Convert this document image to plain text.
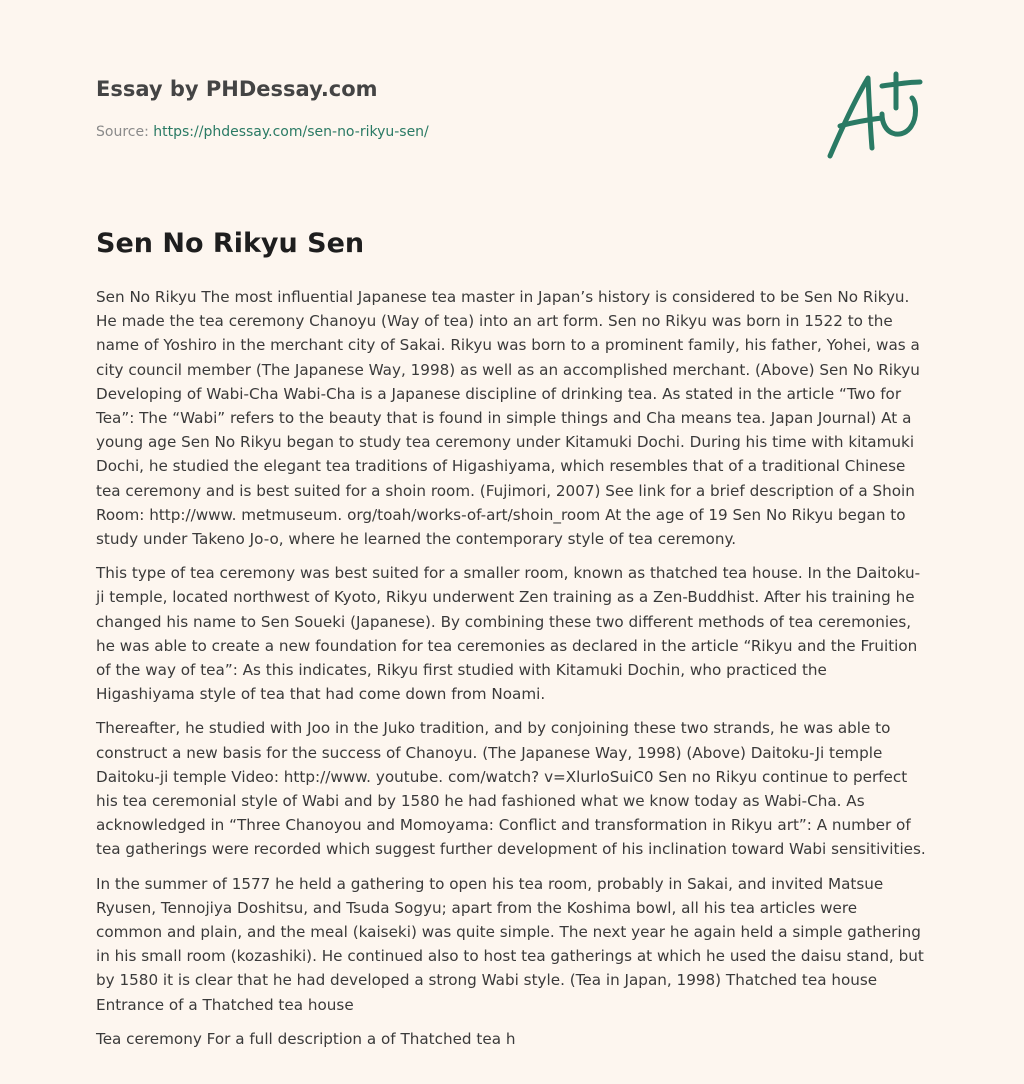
Essay by PHDessay.com
Source: https://phdessay.com/sen-no-rikyu-sen/
Sen No Rikyu Sen

Sen No Rikyu The most influential Japanese tea master in Japan’s history is considered to be Sen No Rikyu. He made the tea ceremony Chanoyu (Way of tea) into an art form. Sen no Rikyu was born in 1522 to the name of Yoshiro in the merchant city of Sakai. Rikyu was born to a prominent family, his father, Yohei, was a city council member (The Japanese Way, 1998) as well as an accomplished merchant. (Above) Sen No Rikyu Developing of Wabi-Cha Wabi-Cha is a Japanese discipline of drinking tea. As stated in the article “Two for Tea”: The “Wabi” refers to the beauty that is found in simple things and Cha means tea. Japan Journal) At a young age Sen No Rikyu began to study tea ceremony under Kitamuki Dochi. During his time with kitamuki Dochi, he studied the elegant tea traditions of Higashiyama, which resembles that of a traditional Chinese tea ceremony and is best suited for a shoin room. (Fujimori, 2007) See link for a brief description of a Shoin Room: http://www. metmuseum. org/toah/works-of-art/shoin_room At the age of 19 Sen No Rikyu began to study under Takeno Jo-o, where he learned the contemporary style of tea ceremony.

This type of tea ceremony was best suited for a smaller room, known as thatched tea house. In the Daitoku-ji temple, located northwest of Kyoto, Rikyu underwent Zen training as a Zen-Buddhist. After his training he changed his name to Sen Soueki (Japanese). By combining these two different methods of tea ceremonies, he was able to create a new foundation for tea ceremonies as declared in the article “Rikyu and the Fruition of the way of tea”: As this indicates, Rikyu first studied with Kitamuki Dochin, who practiced the Higashiyama style of tea that had come down from Noami.

Thereafter, he studied with Joo in the Juko tradition, and by conjoining these two strands, he was able to construct a new basis for the success of Chanoyu. (The Japanese Way, 1998) (Above) Daitoku-Ji temple Daitoku-ji temple Video: http://www. youtube. com/watch? v=XlurloSuiC0 Sen no Rikyu continue to perfect his tea ceremonial style of Wabi and by 1580 he had fashioned what we know today as Wabi-Cha. As acknowledged in “Three Chanoyou and Momoyama: Conflict and transformation in Rikyu art”: A number of tea gatherings were recorded which suggest further development of his inclination toward Wabi sensitivities.

In the summer of 1577 he held a gathering to open his tea room, probably in Sakai, and invited Matsue Ryusen, Tennojiya Doshitsu, and Tsuda Sogyu; apart from the Koshima bowl, all his tea articles were common and plain, and the meal (kaiseki) was quite simple. The next year he again held a simple gathering in his small room (kozashiki). He continued also to host tea gatherings at which he used the daisu stand, but by 1580 it is clear that he had developed a strong Wabi style. (Tea in Japan, 1998) Thatched tea house Entrance of a Thatched tea house

Tea ceremony For a full description a of Thatched tea h
